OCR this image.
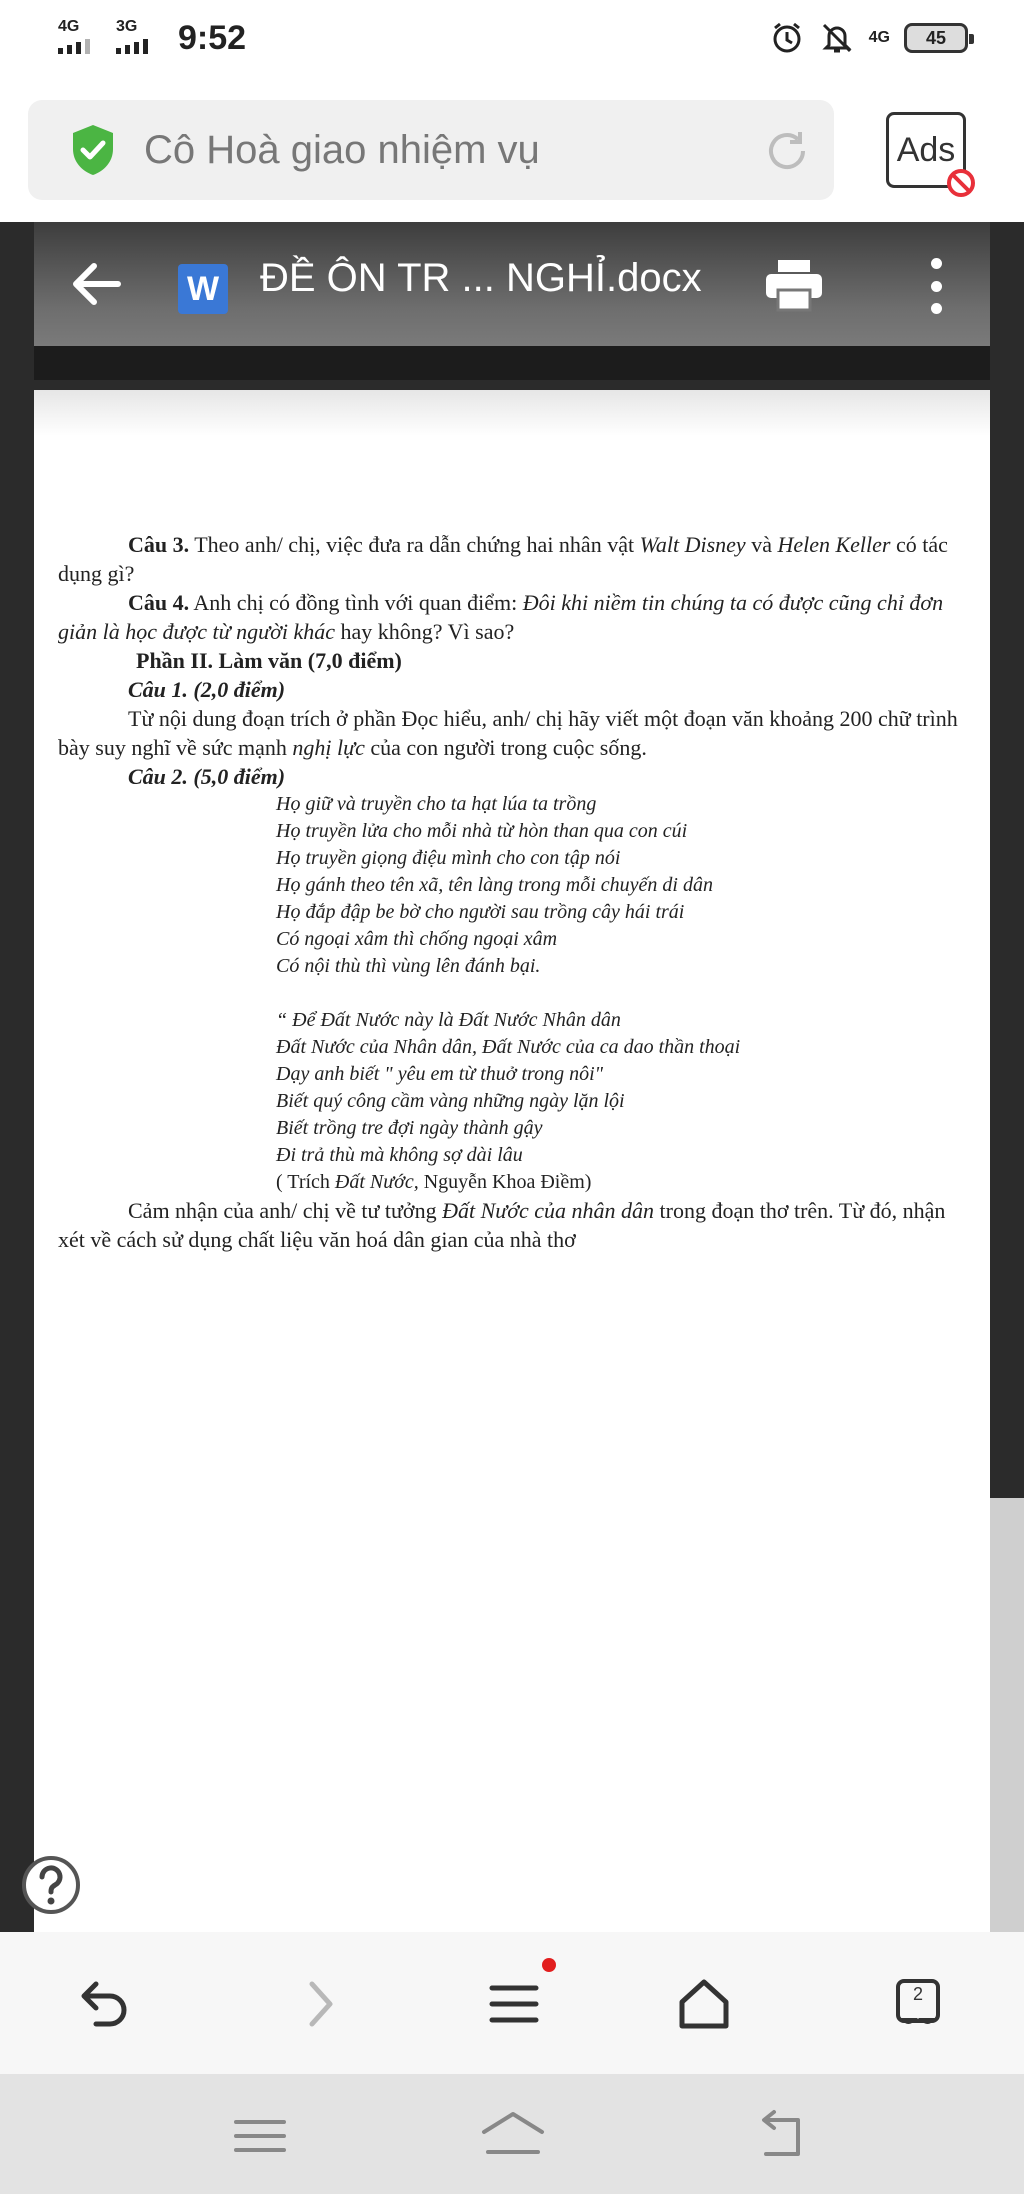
4G 3G 9:52	4G 45
Cô Hoà giao nhiệm vụ	Ads
W ĐỀ ÔN TR ... NGHỈ.docx

Câu 3. Theo anh/ chị, việc đưa ra dẫn chứng hai nhân vật Walt Disney và Helen Keller có tác dụng gì?

Câu 4. Anh chị có đồng tình với quan điểm: Đôi khi niềm tin chúng ta có được cũng chỉ đơn giản là học được từ người khác hay không? Vì sao?

Phần II. Làm văn (7,0 điểm)

Câu 1. (2,0 điểm)

Từ nội dung đoạn trích ở phần Đọc hiểu, anh/ chị hãy viết một đoạn văn khoảng 200 chữ trình bày suy nghĩ về sức mạnh nghị lực của con người trong cuộc sống.

Câu 2. (5,0 điểm)

Họ giữ và truyền cho ta hạt lúa ta trồng

Họ truyền lửa cho mỗi nhà từ hòn than qua con cúi

Họ truyền giọng điệu mình cho con tập nói

Họ gánh theo tên xã, tên làng trong mỗi chuyến di dân

Họ đắp đập be bờ cho người sau trồng cây hái trái

Có ngoại xâm thì chống ngoại xâm

Có nội thù thì vùng lên đánh bại.

“ Để Đất Nước này là Đất Nước Nhân dân

Đất Nước của Nhân dân, Đất Nước của ca dao thần thoại

Dạy anh biết " yêu em từ thuở trong nôi"

Biết quý công cầm vàng những ngày lặn lội

Biết trồng tre đợi ngày thành gậy

Đi trả thù mà không sợ dài lâu

( Trích Đất Nước, Nguyễn Khoa Điềm)

Cảm nhận của anh/ chị về tư tưởng Đất Nước của nhân dân trong đoạn thơ trên. Từ đó, nhận xét về cách sử dụng chất liệu văn hoá dân gian của nhà thơ

2
